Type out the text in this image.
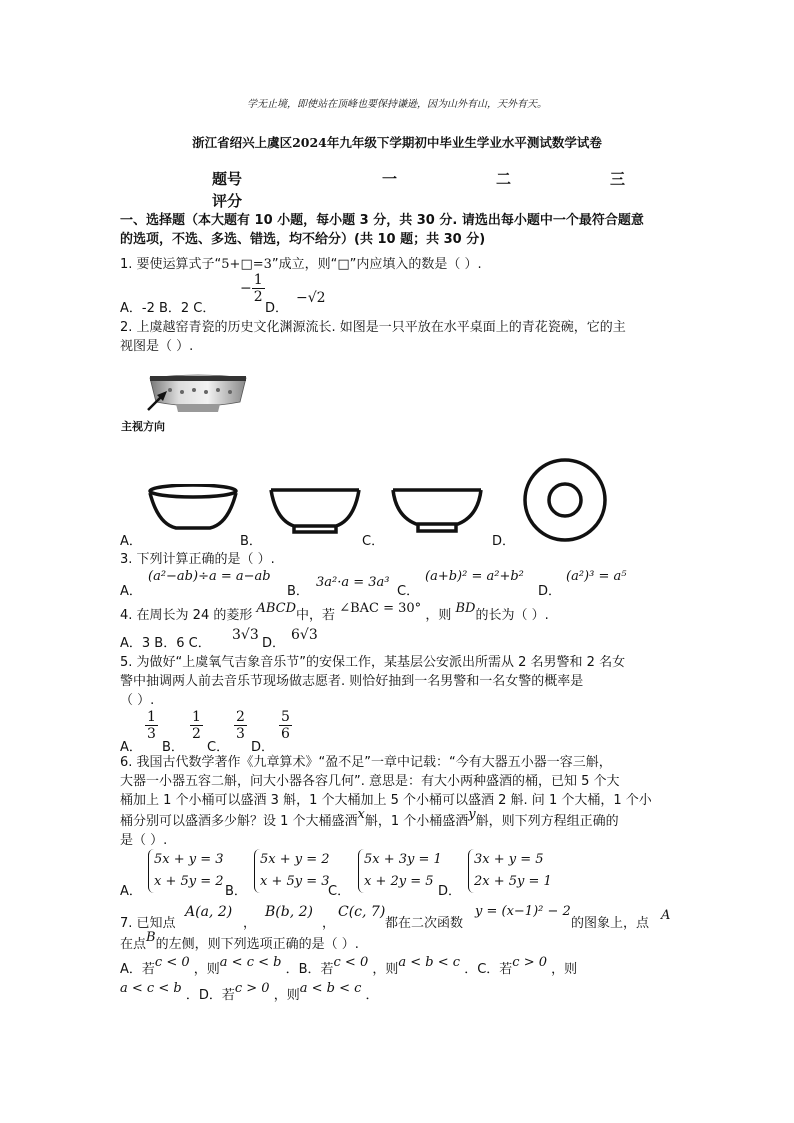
学无止境，即使站在顶峰也要保持谦逊，因为山外有山，天外有天。
浙江省绍兴上虞区2024年九年级下学期初中毕业生学业水平测试数学试卷
题号	一	二	三
评分
一、选择题（本大题有 10 小题，每小题 3 分，共 30 分. 请选出每小题中一个最符合题意
的选项，不选、多选、错选，均不给分）(共 10 题；共 30 分)
1. 要使运算式子“5+□=3”成立，则“□”内应填入的数是（ ）.
A．-2 B．2 C．
− $\frac{1}{2}$
D．
−√2
2. 上虞越窑青瓷的历史文化渊源流长. 如图是一只平放在水平桌面上的青花瓷碗，它的主
视图是（ ）.
主视方向
A．	B．	C．	D．
3. 下列计算正确的是（ ）.
A．
(a²−ab)÷a = a−ab
B．
3a²·a = 3a³
C．
(a+b)² = a²+b²
D．
(a²)³ = a⁵
4. 在周长为 24 的菱形 ABCD中，若 ∠BAC = 30° ，则 BD的长为（ ）.
A．3 B．6 C．
3√3
D．
6√3
5. 为做好“上虞氧气吉象音乐节”的安保工作，某基层公安派出所需从 2 名男警和 2 名女
警中抽调两人前去音乐节现场做志愿者. 则恰好抽到一名男警和一名女警的概率是
（ ）.
A．
$\frac{1}{3}$
B．
$\frac{1}{2}$
C．
$\frac{2}{3}$
D．
$\frac{5}{6}$
6. 我国古代数学著作《九章算术》“盈不足”一章中记载：“今有大器五小器一容三斛，
大器一小器五容二斛，问大小器各容几何”. 意思是：有大小两种盛酒的桶，已知 5 个大
桶加上 1 个小桶可以盛酒 3 斛，1 个大桶加上 5 个小桶可以盛酒 2 斛. 问 1 个大桶，1 个小
桶分别可以盛酒多少斛？设 1 个大桶盛酒x斛，1 个小桶盛酒y斛，则下列方程组正确的
是（ ）.
A．
5x + y = 3
x + 5y = 2
B．
5x + y = 2
x + 5y = 3
C．
5x + 3y = 1
x + 2y = 5
D．
3x + y = 5
2x + 5y = 1
7. 已知点
A(a, 2)
，
B(b, 2)
，
C(c, 7)
都在二次函数
y = (x−1)² − 2
的图象上，点
A
在点B的左侧，则下列选项正确的是（ ）.
A．若c < 0 ，则a < c < b ．B．若c < 0 ，则a < b < c ．C．若c > 0 ，则
a < c < b ．D．若c > 0 ，则a < b < c ．
